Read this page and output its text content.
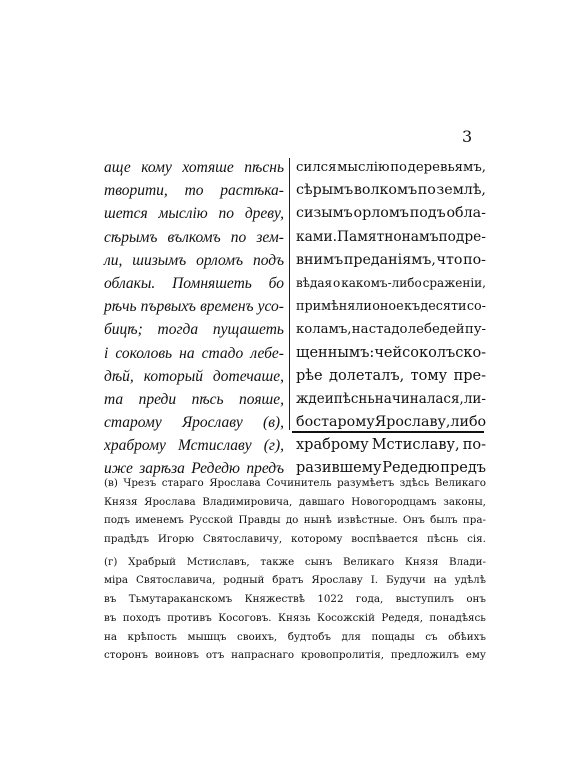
3
аще кому хотяше пѣснь
творити, то растѣка-
шется мыслію по древу,
сѣрымъ вълкомъ по зем-
ли, шизымъ орломъ подъ
облакы. Помняшеть бо
рѣчь първыхъ временъ усо-
бицѣ; тогда пущашеть
і соколовь на стадо лебе-
дѣй, который дотечаше,
та преди пѣсь пояше,
старому Ярославу (в),
храброму Мстиславу (г),
иже зарѣза Редедю предъ
сился мыслію по деревьямъ,
сѣрымъ волкомъ по землѣ,
сизымъ орломъ подъ обла-
ками. Памятно намъ по дре-
внимъ преданіямъ, что по-
вѣдая о какомъ-либо сраженіи,
примѣняли оное къ десяти со-
коламъ, на стадо лебедей пу-
щеннымъ: чей соколъ ско-
рѣе долеталъ, тому пре-
жде и пѣснь начиналася, ли-
бо старому Ярославу, либо
храброму Мстиславу, по-
разившему Редедю предъ
(в) Чрезъ стараго Ярослава Сочинитель разумѣетъ здѣсь Великаго
Князя Ярослава Владимировича, давшаго Новогородцамъ законы,
подъ именемъ Русской Правды до нынѣ извѣстные. Онъ былъ пра-
прадѣдъ Игорю Святославичу, которому воспѣвается пѣснь сія.
(г) Храбрый Мстиславъ, также сынъ Великаго Князя Влади-
міра Святославича, родный братъ Ярославу I. Будучи на удѣлѣ
въ Тьмутараканскомъ Княжествѣ 1022 года, выступилъ онъ
въ походъ противъ Косоговъ. Князь Косожскій Редедя, понадѣясь
на крѣпость мышцъ своихъ, будтобъ для пощады съ обѣихъ
сторонъ воиновъ отъ напраснаго кровопролитія, предложилъ ему
